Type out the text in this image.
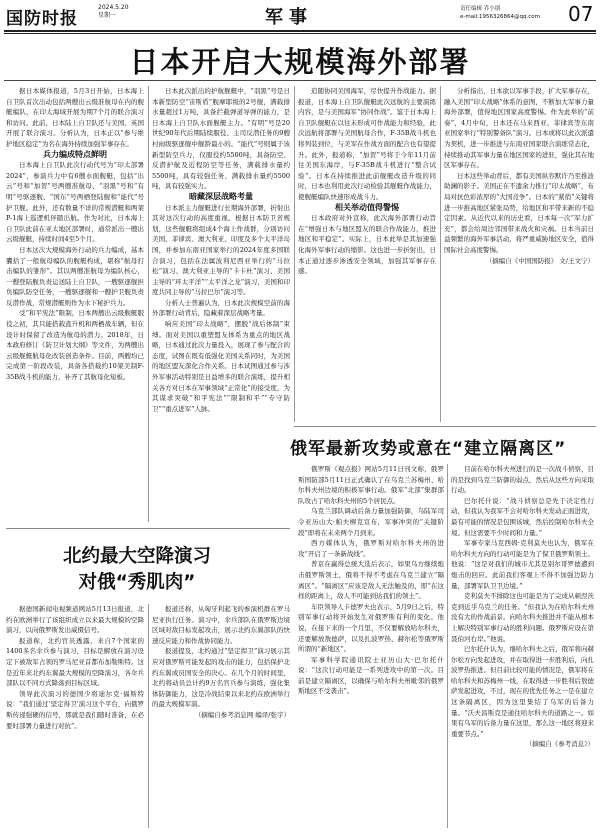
国防时报
2024.5.20
星期一	军事	责任编辑 乔小朋
e-mail:1956326864@qq.com 07
日本开启大规模海外部署

据日本媒体报道，5月3日开始，日本海上自卫队首次出动包括两艘出云级准航母在内的舰艇编队，在印太海域开展为期7个月的联合演习和访问。此前，日本陆上自卫队还与美国、英国开展了联合演习。分析认为，日本正以“参与维护地区稳定”为名在海外持续加强军事存在。

兵力编成特点鲜明

日本海上自卫队此次行动代号为“印太部署2024”，参演兵力中有6艘水面舰艇，包括“出云”号和“加贺”号两艘准航母、“羽黑”号和“有明”号驱逐舰、“国东”号两栖登陆舰和“能代”号护卫舰。此外，还有数量不详的常规潜艇和两架P-1海上巡逻机伴随出航。作为对比，日本海上自卫队此前在亚太地区部署时，通常派出一艘出云级舰艇，持续时间4至5个月。

日本这次大规模海外行动的兵力编成，基本囊括了一般航母编队的舰艇构成，堪称“航母打击编队的雏形”。其以两艘准航母为编队核心，一艘登陆舰负责运送陆上自卫队，一艘驱逐舰担负编队防空任务，一艘驱逐舰和一艘护卫舰负责反潜作战，常规潜艇则作为水下秘护兵力。

受“和平宪法”限制，日本两艘出云级舰艇服役之初，其只能搭载直升机和两栖战车辆，但在设计时保留了改造为航母的潜力。2018年，日本政府修订《防卫计划大纲》等文件，为两艘出云级舰艇航母化改装创造条件。目前，两艘均已完成第一阶段改装，具备各搭载约10架美制F-35B战斗机的能力，补齐了其航母化短板。

日本此次派出的护航舰艇中，“羽黑”号是日本新型防空“宙斯盾”舰摩耶级的2号舰，满载排水量超过1万吨，具备拦截弹道导弹的能力，是日本海上自卫队水面舰艇主力。“有明”号是20世纪90年代后期陆续服役、主司反潜任务的9艘村雨级驱逐舰中舰龄最小的。“能代”号则属于该新型防空兵力，仅服役约5500吨，具备防空、反潜护航及近程防空等任务，满载排水量约5500吨，具有较强任务，满载排水量约5500吨，具有较强实力。

暗藏深层战略考量

日本派主力舰艇进行长期海外部署，折射出其对这次行动的高度重视。根据日本防卫省规划，这些舰艇将组成4个海上作战群，分别访问美国、菲律宾、澳大利亚、印度及多个太平洋岛国，并参加东南亚国家举行的2024年度多国联合演习，包括在法属波利尼西亚举行的“马拉松”演习、澳大利亚主导的“卡卡杜”演习、美国主导的“环太平洋”“太平洋之龙”演习，美国和印度共同主导的“马拉巴尔”演习等。

分析人士普遍认为，日本此次规模空前的海外部署行动背后，隐藏着深层战略考量。

响应美国“印太战略”，摆脱“战后体制”束缚。面对美国以重塑盟友体系为重点的地区战略，日本通过此次力量投入，展现了参与配合的态度，试图在既有低强化美国关系同时，为美国的地区盟友深化合作关系。日本试图通过参与涉外军事活动特别是日益增多的联合演练，提升相关各方对日本在军事领域“正常化”的接受度，为其谋求突破“和平宪法”“限制和平”“专守防卫”“重点进军”人脉。

追随协同美国海军，尽快提升作战能力。据报道，日本海上自卫队舰艇此次远航的主要演练内容，是与美国海军“协同作战”。鉴于日本海上自卫队舰艇在以往未形成可作战能力和经验，此次远航将部署与美国航母合作，F-35B战斗机也将列装到位，与美军在作战方面的配合也有望提升。此外，报道称，“加贺”号将于今年11月前往美国东海岸，与F-35B战斗机进行“整合试验”。日本在持续推进此前舰艇改造升级的同时，日本也利用此次行动检验其舰艇作战能力，使舰艇编队快速形成战斗力。

相关举动值得警惕

日本政府对外宣称，此次海外部署行动旨在“增强日本与地区盟友的联合作战能力，推进地区和平稳定”。实际上，日本此举是其加速强化海外军事行动的缩影。这也进一步折射出，日本正通过逐步渗透安全领域，加强其军事存在感。

分析指出，日本欲以军事手段，扩大军事存在，融入美国“印太战略”体系的意图，不断加大军事力量海外部署，值得地区国家高度警惕。作为此举的“前奏”，4月中旬，日本还在马来西亚、菲律宾等东南亚国家举行“特别警备队”演习。日本或将以此次派遣为契机，进一步推进与东南亚国家联合演练常态化，持续推动其军事力量在地区国家的进驻，强化其在地区军事存在。

日本这些举动背后，都有美国纵容默许乃至推波助澜的影子。美国正在不遗余力推行“印太战略”，布局对抗色彩浓厚的“大国竞争”。日本的“紧俏”关键将进一步推高地区紧张局势，给地区和平带来新的不稳定因素。从近代以来的历史看，日本每一次“军力扩充”，都会给周边邻国带来战火和灾祸。日本当前日益频繁的海外军事活动，将严重威胁地区安全，值得国际社会高度警惕。

（摘编自《中国国防报》 文/王文宁）

俄军最新攻势或意在“建立隔离区”

俄罗斯《观点报》网站5月11日刊文称，俄罗斯国防部5月11日正式确认了在乌克兰苏梅州、哈尔科夫州边境的积极军事行动。俄军“北部”集群部队攻占了哈尔科夫州的5个居民点。

乌克兰部队调动后备力量加强防御，乌陆军司令亚历山大·帕夫柳克宣布，军事冲突的“关键阶段”即将在未来两个月到来。

西方媒体认为，俄罗斯对哈尔科夫州的进攻“开启了一条新战线”。

普京在赢得总统大选后表示，如果乌方继续炮击俄罗斯领土，俄将不得不考虑在乌克兰建立“隔离区”。“隔离区”应该是敌人无法触及的，即“在这样的距离上，敌人不可能到达我们的领土”。

车臣领导人卡德罗夫也表示，5月9日之后，特别军事行动将开始发生对俄罗斯有利的变化。他说，在接下来的一个月里，不仅要解放哈尔科夫，还要解放敖德萨，以及扎波罗热、赫尔松等俄罗斯所谓的“新地区”。

军事科学院通讯院士亚历山大·巴尔托什说：“这次行动可能是一系列进攻中的第一次。目前是建立隔离区，以确保与哈尔科夫州毗邻的俄罗斯地区不受袭击”。

目前在哈尔科夫州进行的是一次战斗侦察，目的是找到乌克兰防御的弱点，然后从这些方向采取行动。

巴尔托什说：“战斗侦察总是先于决定性行动，但我认为我军不会对哈尔科夫发动正面进攻，最有可能的情况是包围该城，然后控制哈尔科夫全境。但这需要不少时间和力量。”

军事专家马克西姆·克利莫夫也认为，俄军在哈尔科夫方向的行动可能是为了保卫俄罗斯领土。他说：“这是对我们的城市尤其是别尔哥罗德遭到炮击的回应。此前我们客观上不得不加强边防力量，部署军队卫卫边境。”

克利莫夫不排除这也可能是为了完成从顿涅茨克到近乎乌克兰的任务。“但我认为在哈尔科夫州没有大的作战前景。向哈尔科夫推进并不能从根本上解决特别军事行动的胜利问题。俄罗斯应设在第聂伯河右岸。”他说。

巴尔托什认为，继哈尔科夫之后，俄军将向赫尔松方向发起进攻，并在取得进一步胜利后，向扎波罗热推进。但目前比较可能的情况是，俄军将在哈尔科夫和苏梅州一线，在取得进一步胜利后敖德萨发起进攻，不过，现在的优先任务之一是在建立这条隔离区，因为这里集结了乌军的后备力量。“沃夫昌斯克是通往哈尔科夫的道路之一。如果有乌军的后备力量在这里，那么这一地区将迎来重要节点。”

（摘编自《参考消息》）

北约最大空降演习
对俄“秀肌肉”

据德国新闻电视频道网站5月13日报道，北约在欧洲举行了该组织成立以来最大规模的空降演习，以向俄罗斯发出威慑信号。

报道称，北约官员透露，来自7个国家的1400多名伞兵参与演习，目标是解放在演习设定下被敌军占领的罗马尼亚首都布加勒斯特。这是近年来北约东翼最大规模的空降演习，各伞兵部队以不同方式降落到目标区域。

领导此次演习的德国少将迪尔克·福斯特说：“我们通过‘坚定得卫’演习这个平台，向俄罗斯传递强硬的信号，那就是我们随时准备，在必要时部署力量进行对抗”。

报道还称，从匈牙利起飞的参演机群在罗马尼亚执行任务。演习中，伞兵部队在俄罗斯边境区域对敌目标发起攻击，展示北约东翼部队的快速反应能力和作战协同能力。

报道提及，北约通过“坚定捍卫”演习展示其应对俄罗斯可能发起的攻击的能力，包括保护北约东翼成员国安全的决心。在几个月的时间里，北约将动员总计约9万名官兵参与演练，强化集体防御能力，这是冷战结束以来北约在欧洲举行的最大规模军演。

（摘编自参考消息网 编译/张宇）
